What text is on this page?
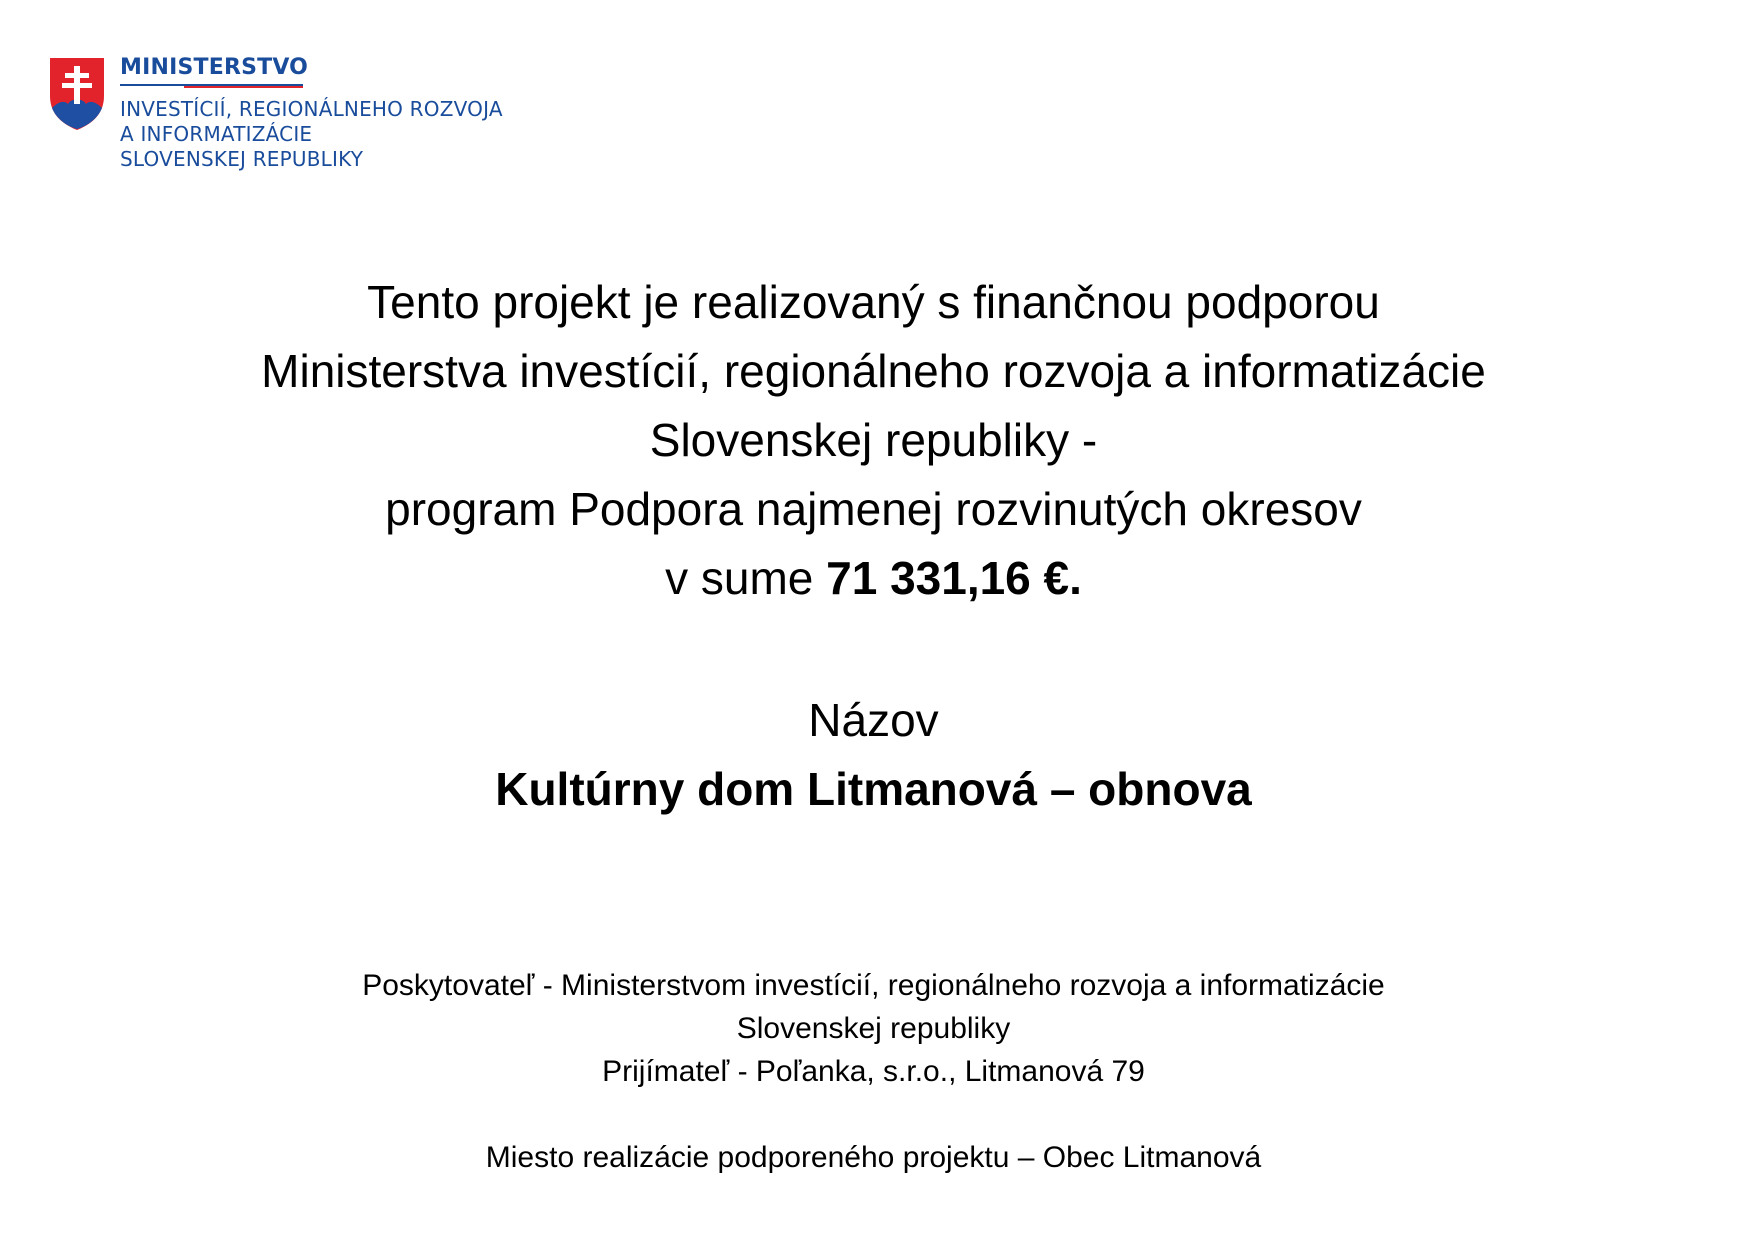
MINISTERSTVO
INVESTÍCIÍ, REGIONÁLNEHO ROZVOJA
A INFORMATIZÁCIE
SLOVENSKEJ REPUBLIKY
Tento projekt je realizovaný s finančnou podporou
Ministerstva investícií, regionálneho rozvoja a informatizácie
Slovenskej republiky -
program Podpora najmenej rozvinutých okresov
v sume 71 331,16 €.
Názov
Kultúrny dom Litmanová – obnova
Poskytovateľ - Ministerstvom investícií, regionálneho rozvoja a informatizácie
Slovenskej republiky
Prijímateľ - Poľanka, s.r.o., Litmanová 79
Miesto realizácie podporeného projektu – Obec Litmanová
